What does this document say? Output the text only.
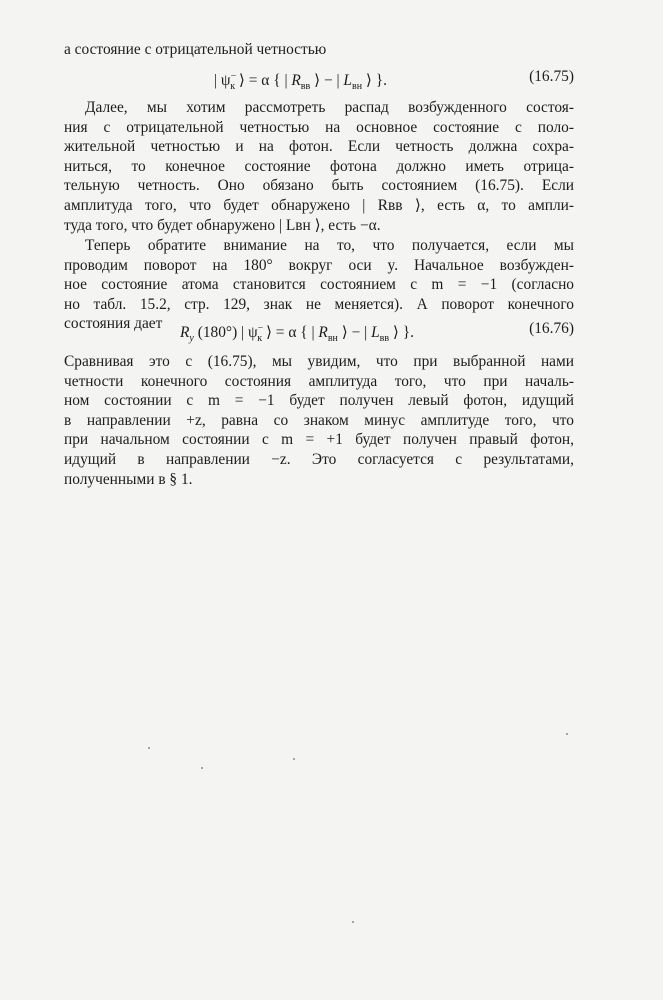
а состояние с отрицательной четностью
| $\psi^-_к$ ⟩ = α { | $R_{вв}$ ⟩ − | $L_{вн}$ ⟩ }.	(16.75)
Далее, мы хотим рассмотреть распад возбужденного состоя-
ния с отрицательной четностью на основное состояние с поло-
жительной четностью и на фотон. Если четность должна сохра-
ниться, то конечное состояние фотона должно иметь отрица-
тельную четность. Оно обязано быть состоянием (16.75). Если
амплитуда того, что будет обнаружено | Rвв ⟩, есть α, то ампли-
туда того, что будет обнаружено | Lвн ⟩, есть −α.
Теперь обратите внимание на то, что получается, если мы
проводим поворот на 180° вокруг оси y. Начальное возбужден-
ное состояние атома становится состоянием с m = −1 (согласно
но табл. 15.2, стр. 129, знак не меняется). А поворот конечного
состояния дает
$R_y$ (180°) | $\psi^-_к$ ⟩ = α { | $R_{вн}$ ⟩ − | $L_{вв}$ ⟩ }.	(16.76)
Сравнивая это с (16.75), мы увидим, что при выбранной нами
четности конечного состояния амплитуда того, что при началь-
ном состоянии с m = −1 будет получен левый фотон, идущий
в направлении +z, равна со знаком минус амплитуде того, что
при начальном состоянии с m = +1 будет получен правый фотон,
идущий в направлении −z. Это согласуется с результатами,
полученными в § 1.
